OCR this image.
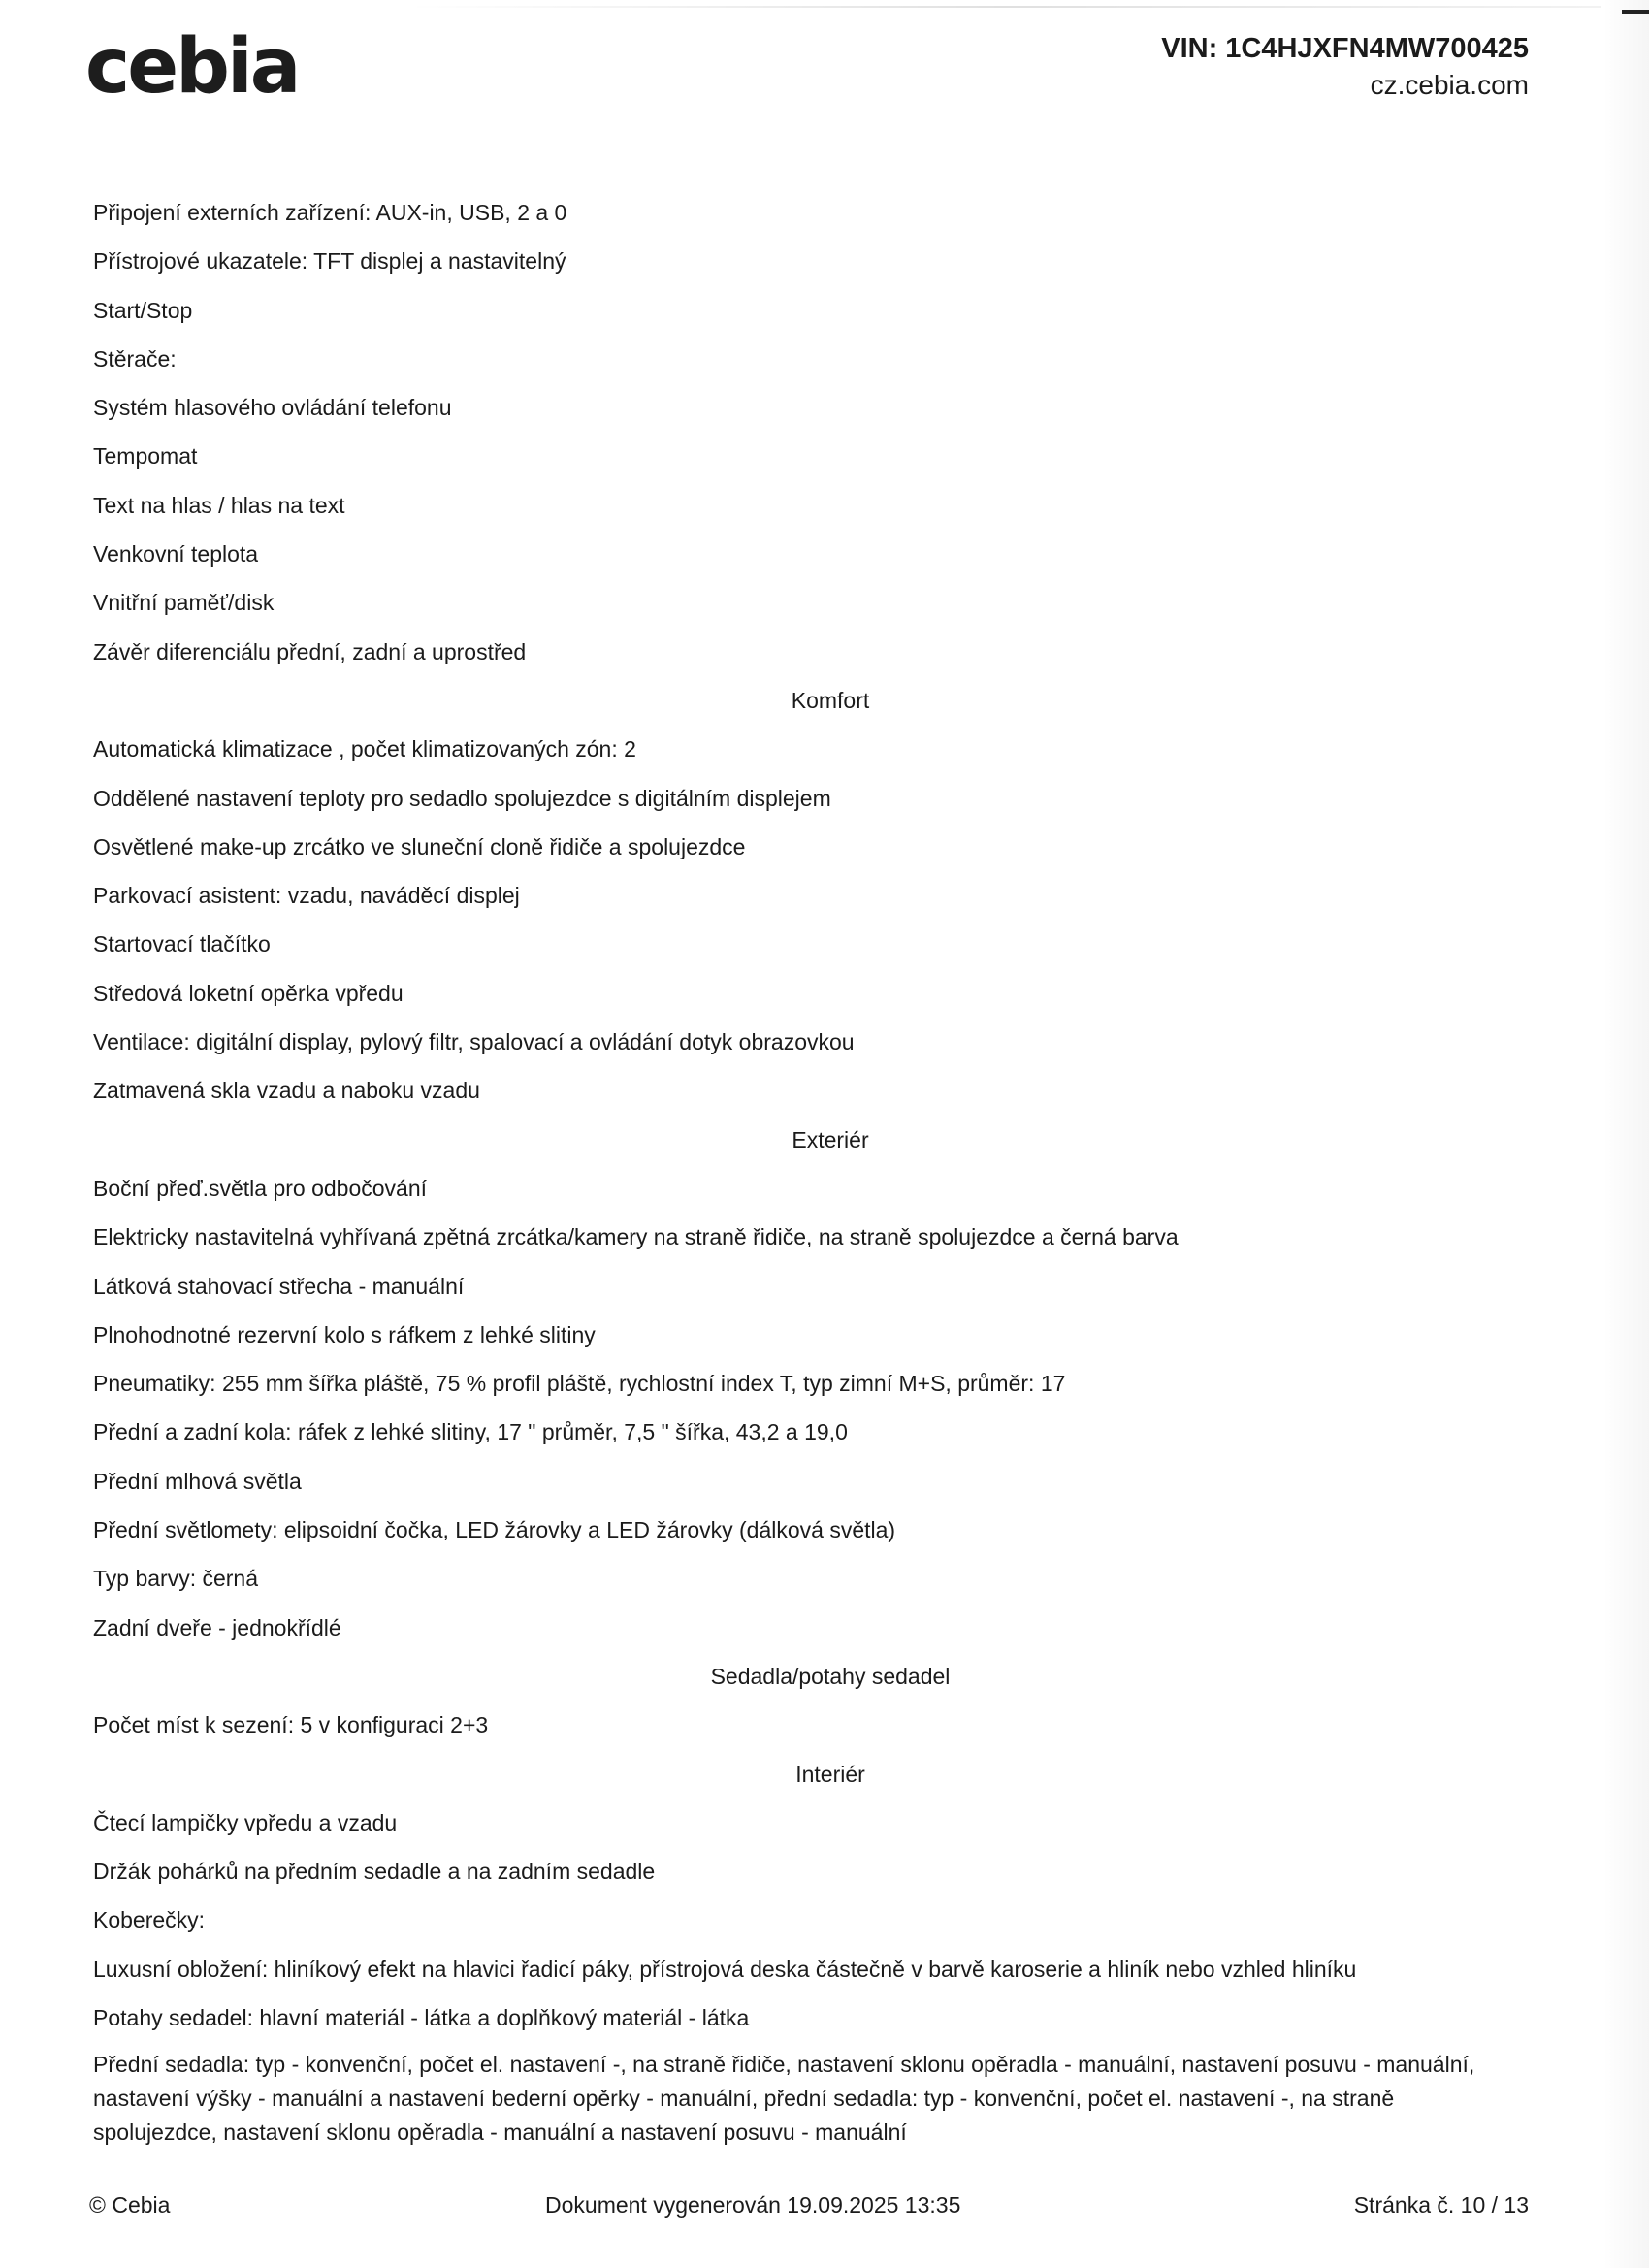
cebia	VIN: 1C4HJXFN4MW700425
cz.cebia.com
Připojení externích zařízení: AUX-in, USB, 2 a 0
Přístrojové ukazatele: TFT displej a nastavitelný
Start/Stop
Stěrače:
Systém hlasového ovládání telefonu
Tempomat
Text na hlas / hlas na text
Venkovní teplota
Vnitřní paměť/disk
Závěr diferenciálu přední, zadní a uprostřed
Komfort
Automatická klimatizace , počet klimatizovaných zón: 2
Oddělené nastavení teploty pro sedadlo spolujezdce s digitálním displejem
Osvětlené make-up zrcátko ve sluneční cloně řidiče a spolujezdce
Parkovací asistent: vzadu, naváděcí displej
Startovací tlačítko
Středová loketní opěrka vpředu
Ventilace: digitální display, pylový filtr, spalovací a ovládání dotyk obrazovkou
Zatmavená skla vzadu a naboku vzadu
Exteriér
Boční přeď.světla pro odbočování
Elektricky nastavitelná vyhřívaná zpětná zrcátka/kamery na straně řidiče, na straně spolujezdce a černá barva
Látková stahovací střecha - manuální
Plnohodnotné rezervní kolo s ráfkem z lehké slitiny
Pneumatiky: 255 mm šířka pláště, 75 % profil pláště, rychlostní index T, typ zimní M+S, průměr: 17
Přední a zadní kola: ráfek z lehké slitiny, 17 " průměr, 7,5 " šířka, 43,2 a 19,0
Přední mlhová světla
Přední světlomety: elipsoidní čočka, LED žárovky a LED žárovky (dálková světla)
Typ barvy: černá
Zadní dveře - jednokřídlé
Sedadla/potahy sedadel
Počet míst k sezení: 5 v konfiguraci 2+3
Interiér
Čtecí lampičky vpředu a vzadu
Držák pohárků na předním sedadle a na zadním sedadle
Koberečky:
Luxusní obložení: hliníkový efekt na hlavici řadicí páky, přístrojová deska částečně v barvě karoserie a hliník nebo vzhled hliníku
Potahy sedadel: hlavní materiál - látka a doplňkový materiál - látka
Přední sedadla: typ - konvenční, počet el. nastavení -, na straně řidiče, nastavení sklonu opěradla - manuální, nastavení posuvu - manuální, nastavení výšky - manuální a nastavení bederní opěrky - manuální, přední sedadla: typ - konvenční, počet el. nastavení -, na straně spolujezdce, nastavení sklonu opěradla - manuální a nastavení posuvu - manuální
© Cebia	Dokument vygenerován 19.09.2025 13:35	Stránka č. 10 / 13
